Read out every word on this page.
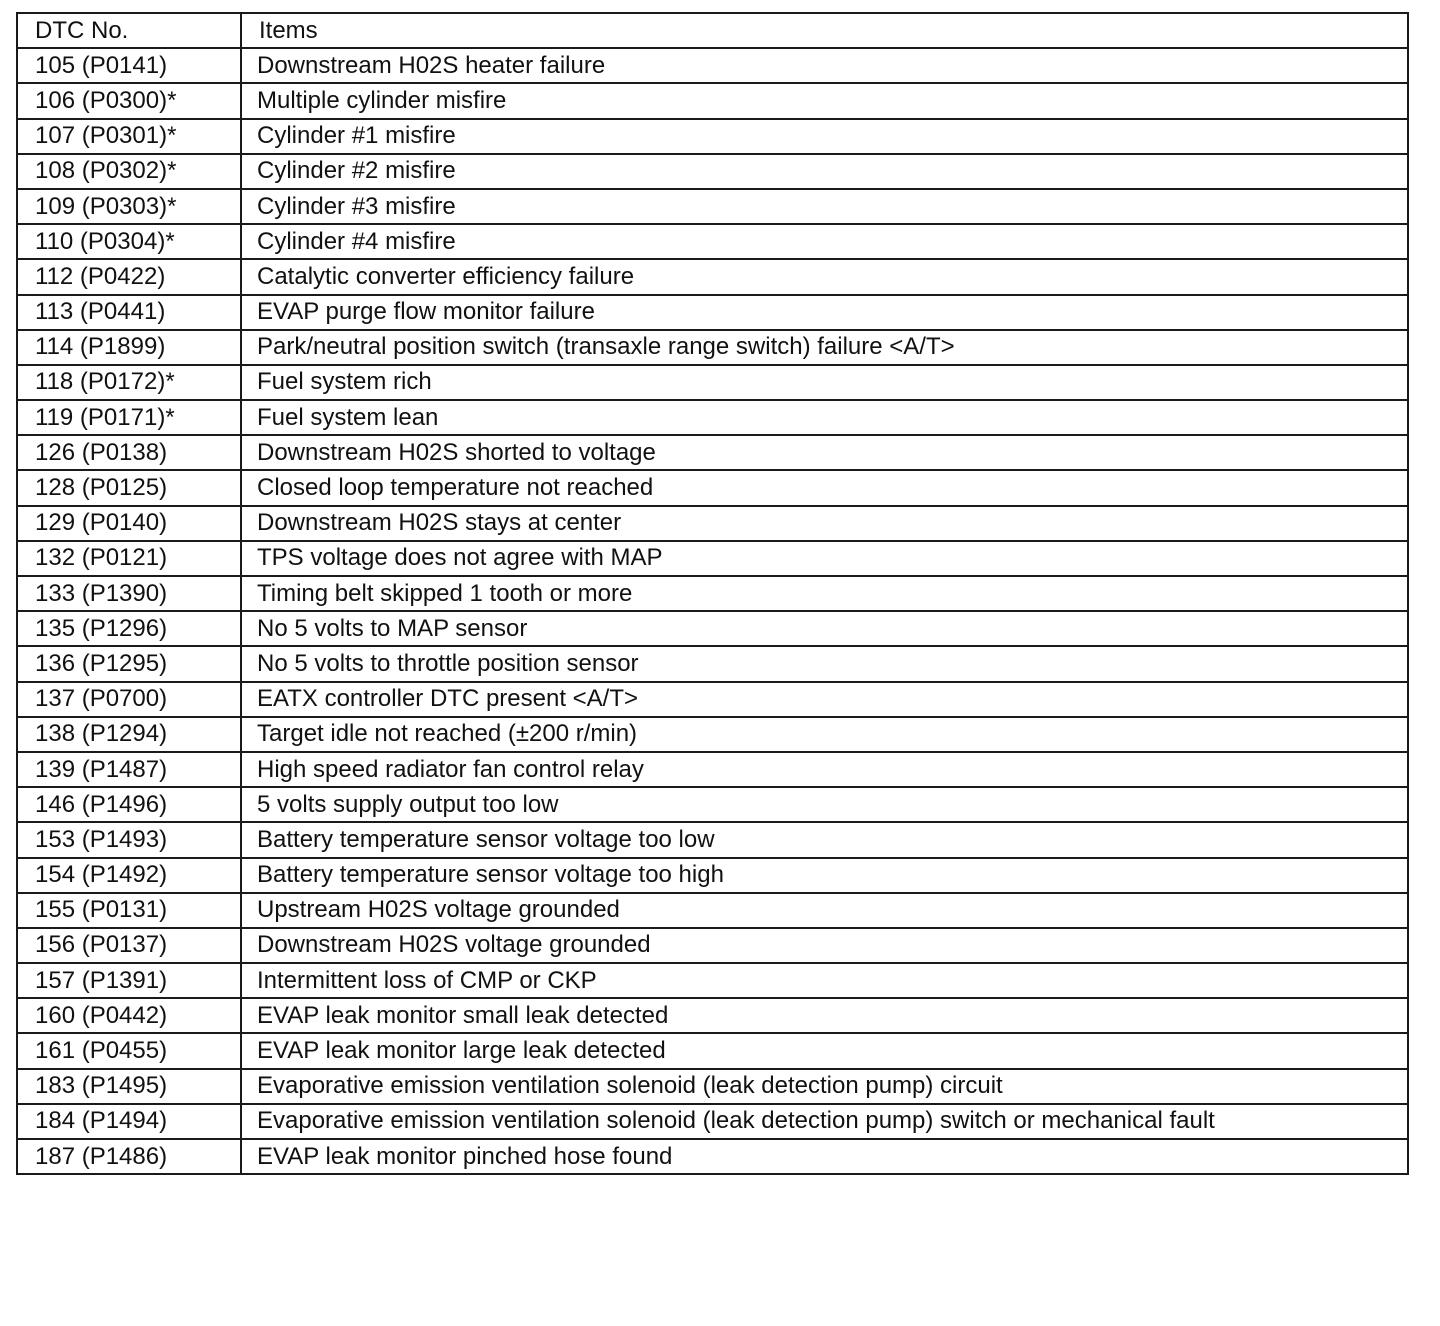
DTC No.	Items
105 (P0141)	Downstream H02S heater failure
106 (P0300)*	Multiple cylinder misfire
107 (P0301)*	Cylinder #1 misfire
108 (P0302)*	Cylinder #2 misfire
109 (P0303)*	Cylinder #3 misfire
110 (P0304)*	Cylinder #4 misfire
112 (P0422)	Catalytic converter efficiency failure
113 (P0441)	EVAP purge flow monitor failure
114 (P1899)	Park/neutral position switch (transaxle range switch) failure <A/T>
118 (P0172)*	Fuel system rich
119 (P0171)*	Fuel system lean
126 (P0138)	Downstream H02S shorted to voltage
128 (P0125)	Closed loop temperature not reached
129 (P0140)	Downstream H02S stays at center
132 (P0121)	TPS voltage does not agree with MAP
133 (P1390)	Timing belt skipped 1 tooth or more
135 (P1296)	No 5 volts to MAP sensor
136 (P1295)	No 5 volts to throttle position sensor
137 (P0700)	EATX controller DTC present <A/T>
138 (P1294)	Target idle not reached (±200 r/min)
139 (P1487)	High speed radiator fan control relay
146 (P1496)	5 volts supply output too low
153 (P1493)	Battery temperature sensor voltage too low
154 (P1492)	Battery temperature sensor voltage too high
155 (P0131)	Upstream H02S voltage grounded
156 (P0137)	Downstream H02S voltage grounded
157 (P1391)	Intermittent loss of CMP or CKP
160 (P0442)	EVAP leak monitor small leak detected
161 (P0455)	EVAP leak monitor large leak detected
183 (P1495)	Evaporative emission ventilation solenoid (leak detection pump) circuit
184 (P1494)	Evaporative emission ventilation solenoid (leak detection pump) switch or mechanical fault
187 (P1486)	EVAP leak monitor pinched hose found
